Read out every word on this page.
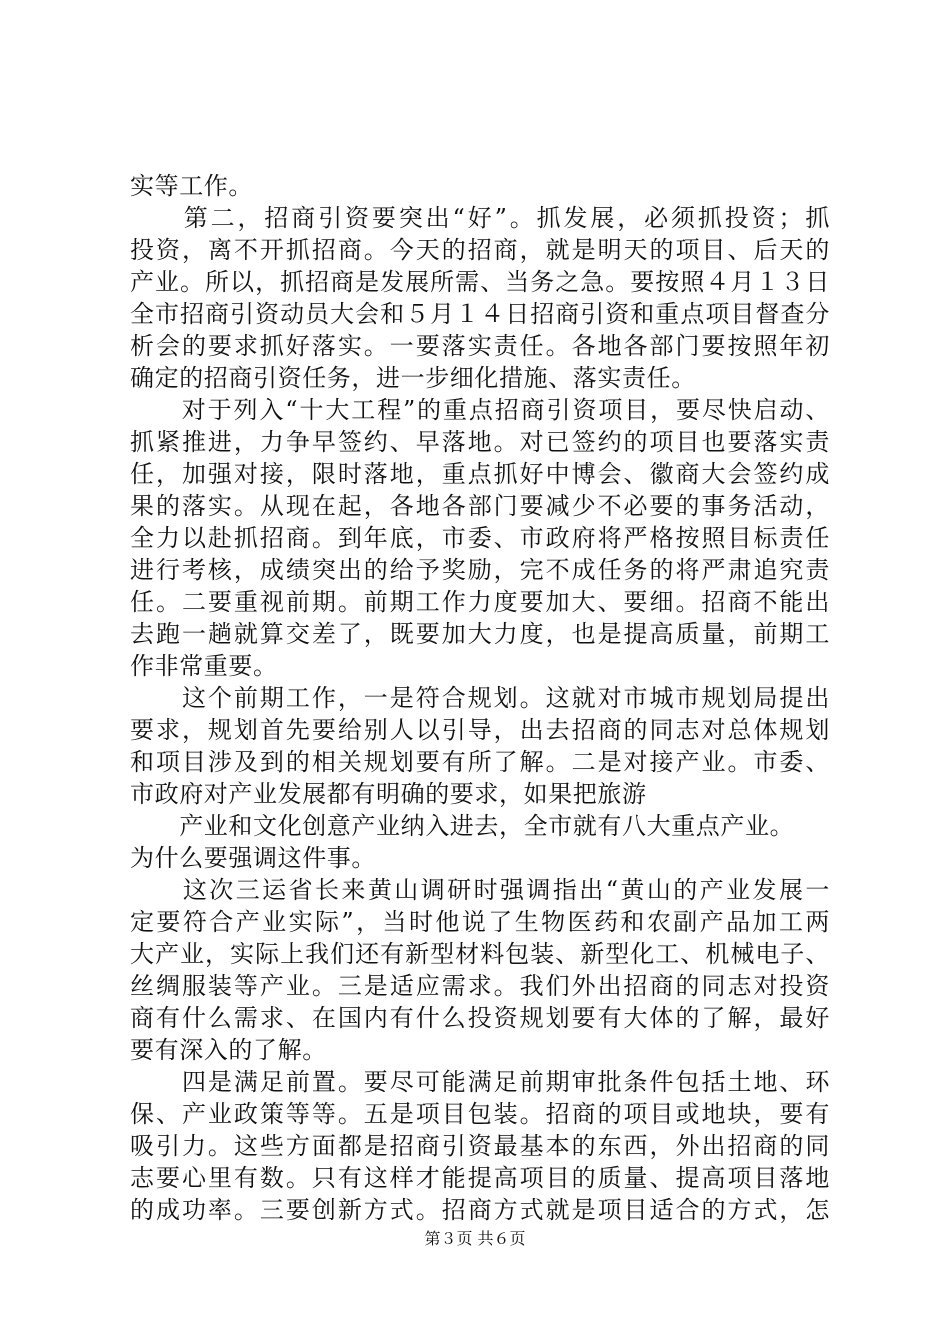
实等工作。
　　第二，招商引资要突出“好”。抓发展，必须抓投资；抓
投资，离不开抓招商。今天的招商，就是明天的项目、后天的
产业。所以，抓招商是发展所需、当务之急。要按照４月１３日
全市招商引资动员大会和５月１４日招商引资和重点项目督查分
析会的要求抓好落实。一要落实责任。各地各部门要按照年初
确定的招商引资任务，进一步细化措施、落实责任。
　　对于列入“十大工程”的重点招商引资项目，要尽快启动、
抓紧推进，力争早签约、早落地。对已签约的项目也要落实责
任，加强对接，限时落地，重点抓好中博会、徽商大会签约成
果的落实。从现在起，各地各部门要减少不必要的事务活动，
全力以赴抓招商。到年底，市委、市政府将严格按照目标责任
进行考核，成绩突出的给予奖励，完不成任务的将严肃追究责
任。二要重视前期。前期工作力度要加大、要细。招商不能出
去跑一趟就算交差了，既要加大力度，也是提高质量，前期工
作非常重要。
　　这个前期工作，一是符合规划。这就对市城市规划局提出
要求，规划首先要给别人以引导，出去招商的同志对总体规划
和项目涉及到的相关规划要有所了解。二是对接产业。市委、
市政府对产业发展都有明确的要求，如果把旅游
　　产业和文化创意产业纳入进去，全市就有八大重点产业。
为什么要强调这件事。
　　这次三运省长来黄山调研时强调指出“黄山的产业发展一
定要符合产业实际”，当时他说了生物医药和农副产品加工两
大产业，实际上我们还有新型材料包装、新型化工、机械电子、
丝绸服装等产业。三是适应需求。我们外出招商的同志对投资
商有什么需求、在国内有什么投资规划要有大体的了解，最好
要有深入的了解。
　　四是满足前置。要尽可能满足前期审批条件包括土地、环
保、产业政策等等。五是项目包装。招商的项目或地块，要有
吸引力。这些方面都是招商引资最基本的东西，外出招商的同
志要心里有数。只有这样才能提高项目的质量、提高项目落地
的成功率。三要创新方式。招商方式就是项目适合的方式，怎
第３页 共６页
